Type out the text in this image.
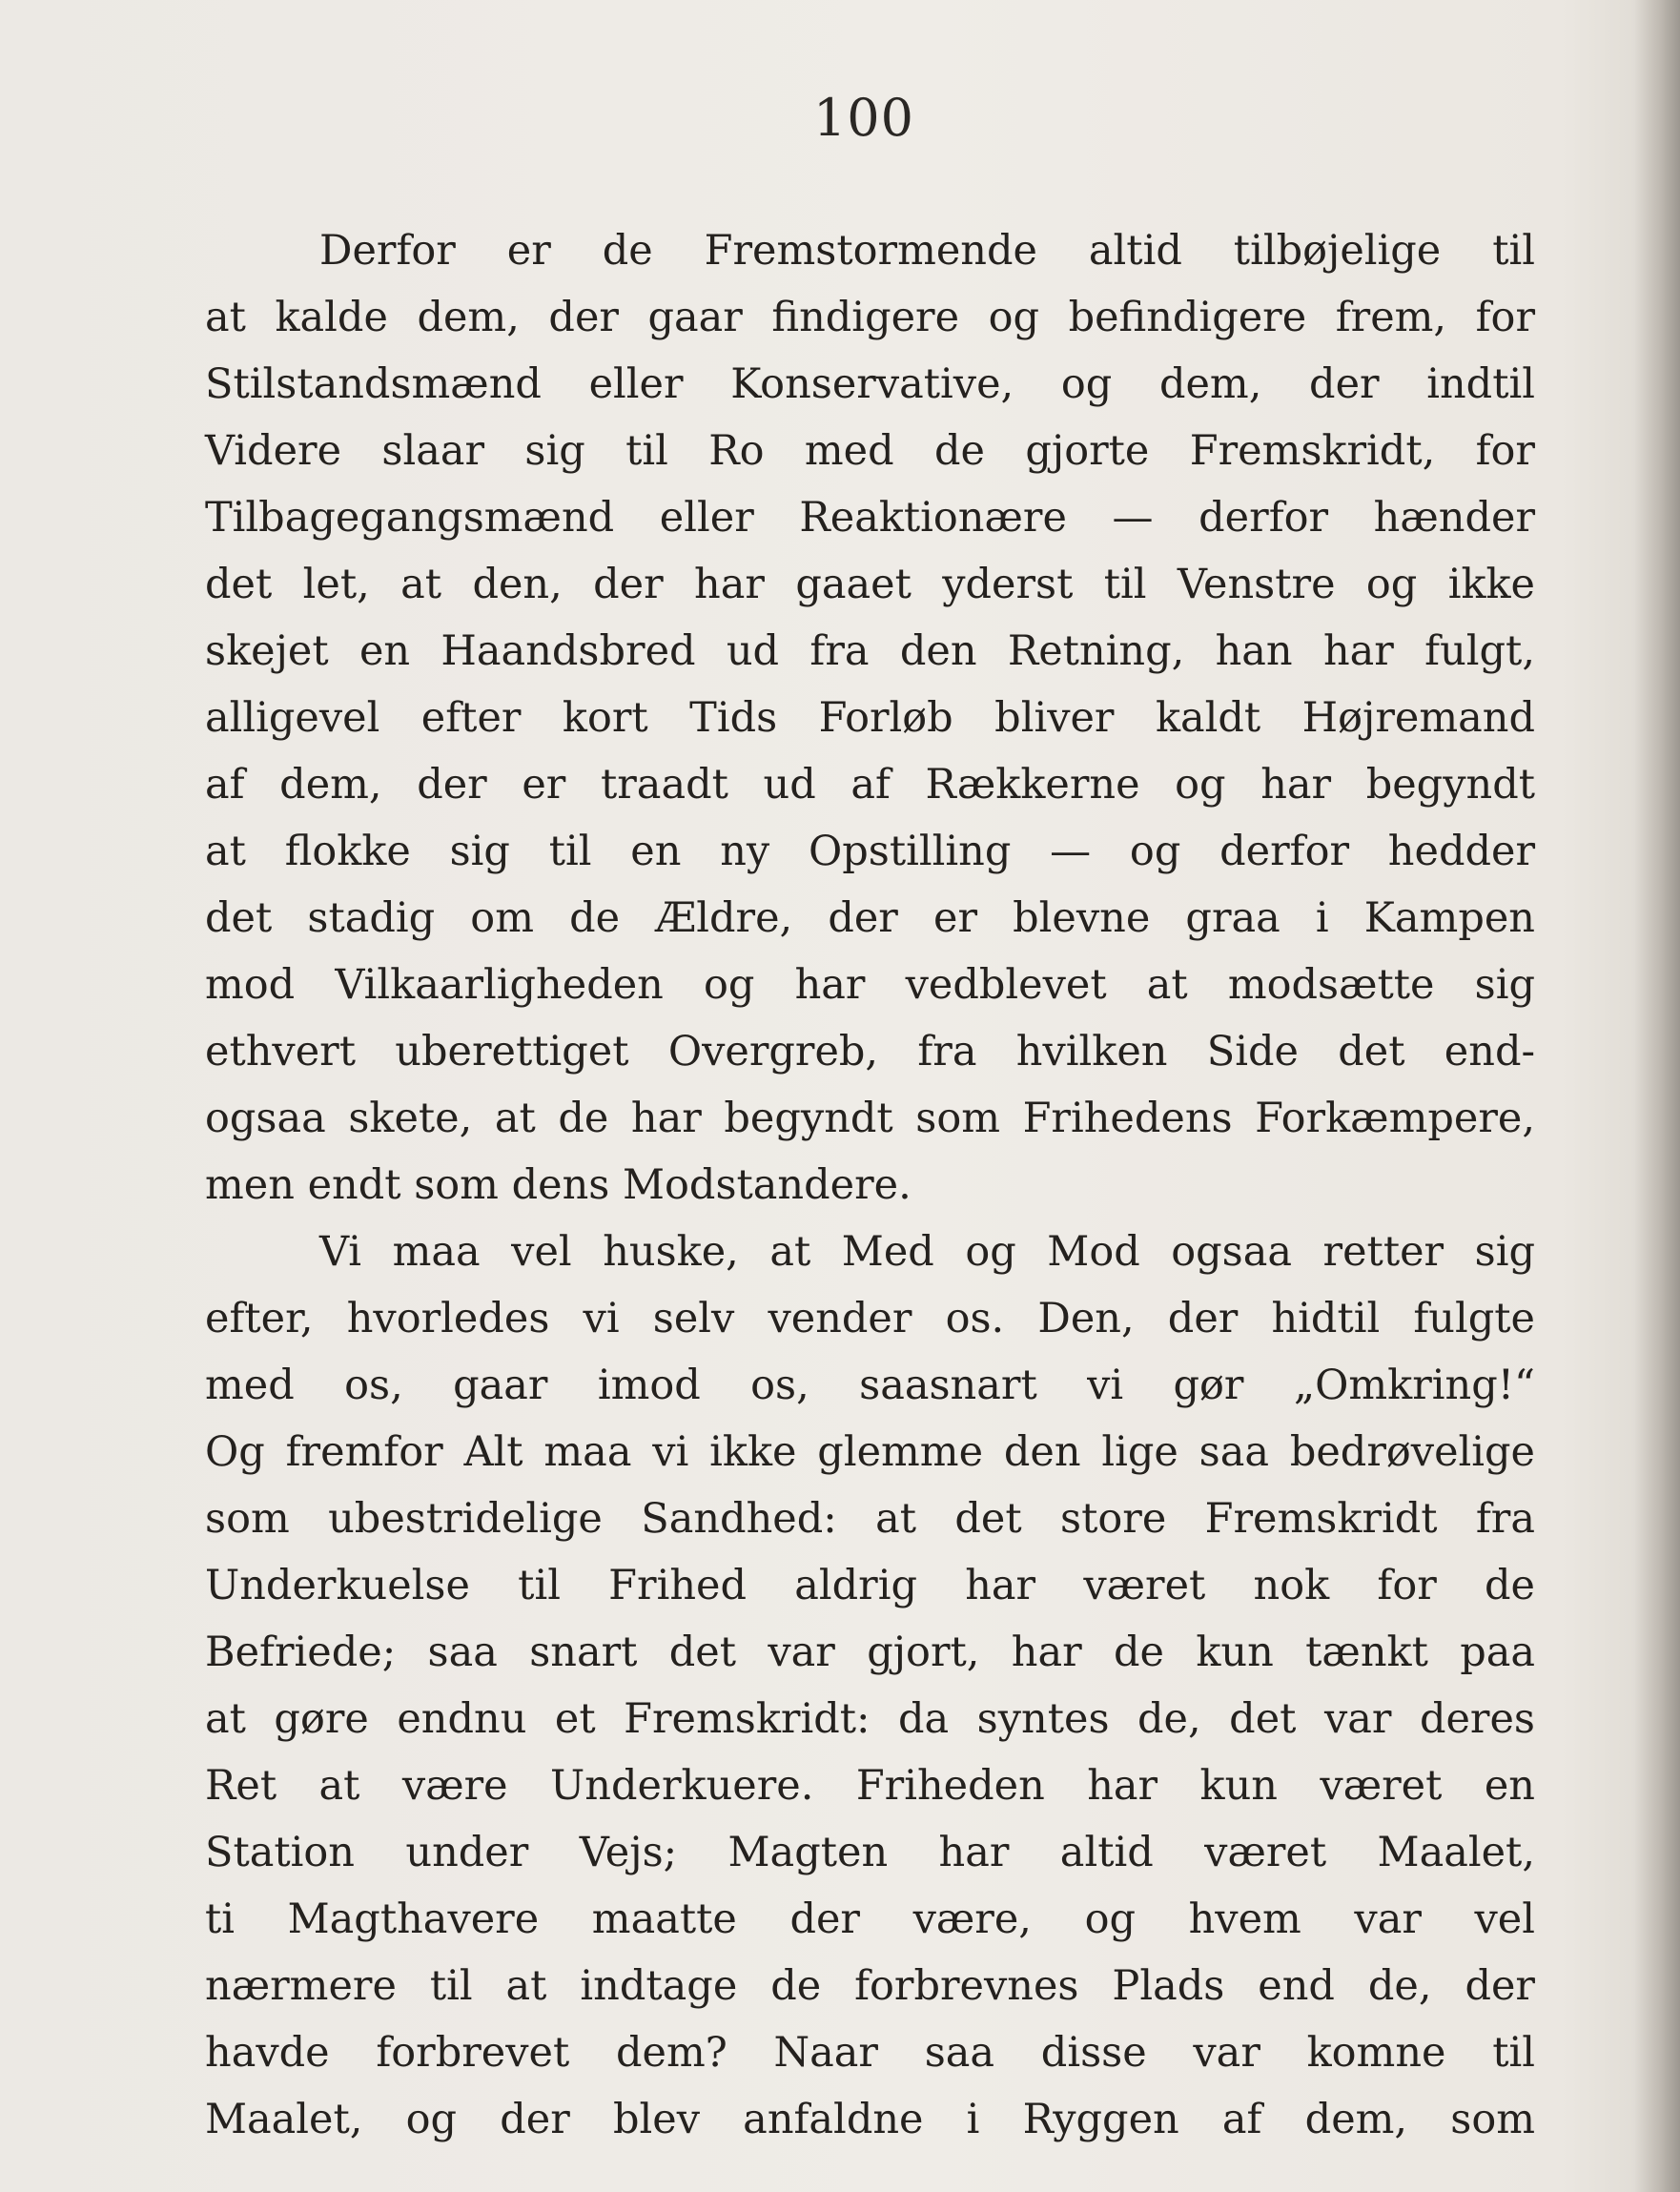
100
Derfor er de Fremstormende altid tilbøjelige til
at kalde dem, der gaar findigere og befindigere frem, for
Stilstandsmænd eller Konservative, og dem, der indtil
Videre slaar sig til Ro med de gjorte Fremskridt, for
Tilbagegangsmænd eller Reaktionære — derfor hænder
det let, at den, der har gaaet yderst til Venstre og ikke
skejet en Haandsbred ud fra den Retning, han har fulgt,
alligevel efter kort Tids Forløb bliver kaldt Højremand
af dem, der er traadt ud af Rækkerne og har begyndt
at flokke sig til en ny Opstilling — og derfor hedder
det stadig om de Ældre, der er blevne graa i Kampen
mod Vilkaarligheden og har vedblevet at modsætte sig
ethvert uberettiget Overgreb, fra hvilken Side det end-
ogsaa skete, at de har begyndt som Frihedens Forkæmpere,
men endt som dens Modstandere.
Vi maa vel huske, at Med og Mod ogsaa retter sig
efter, hvorledes vi selv vender os. Den, der hidtil fulgte
med os, gaar imod os, saasnart vi gør „Omkring!“
Og fremfor Alt maa vi ikke glemme den lige saa bedrøvelige
som ubestridelige Sandhed: at det store Fremskridt fra
Underkuelse til Frihed aldrig har været nok for de
Befriede; saa snart det var gjort, har de kun tænkt paa
at gøre endnu et Fremskridt: da syntes de, det var deres
Ret at være Underkuere. Friheden har kun været en
Station under Vejs; Magten har altid været Maalet,
ti Magthavere maatte der være, og hvem var vel
nærmere til at indtage de forbrevnes Plads end de, der
havde forbrevet dem? Naar saa disse var komne til
Maalet, og der blev anfaldne i Ryggen af dem, som
